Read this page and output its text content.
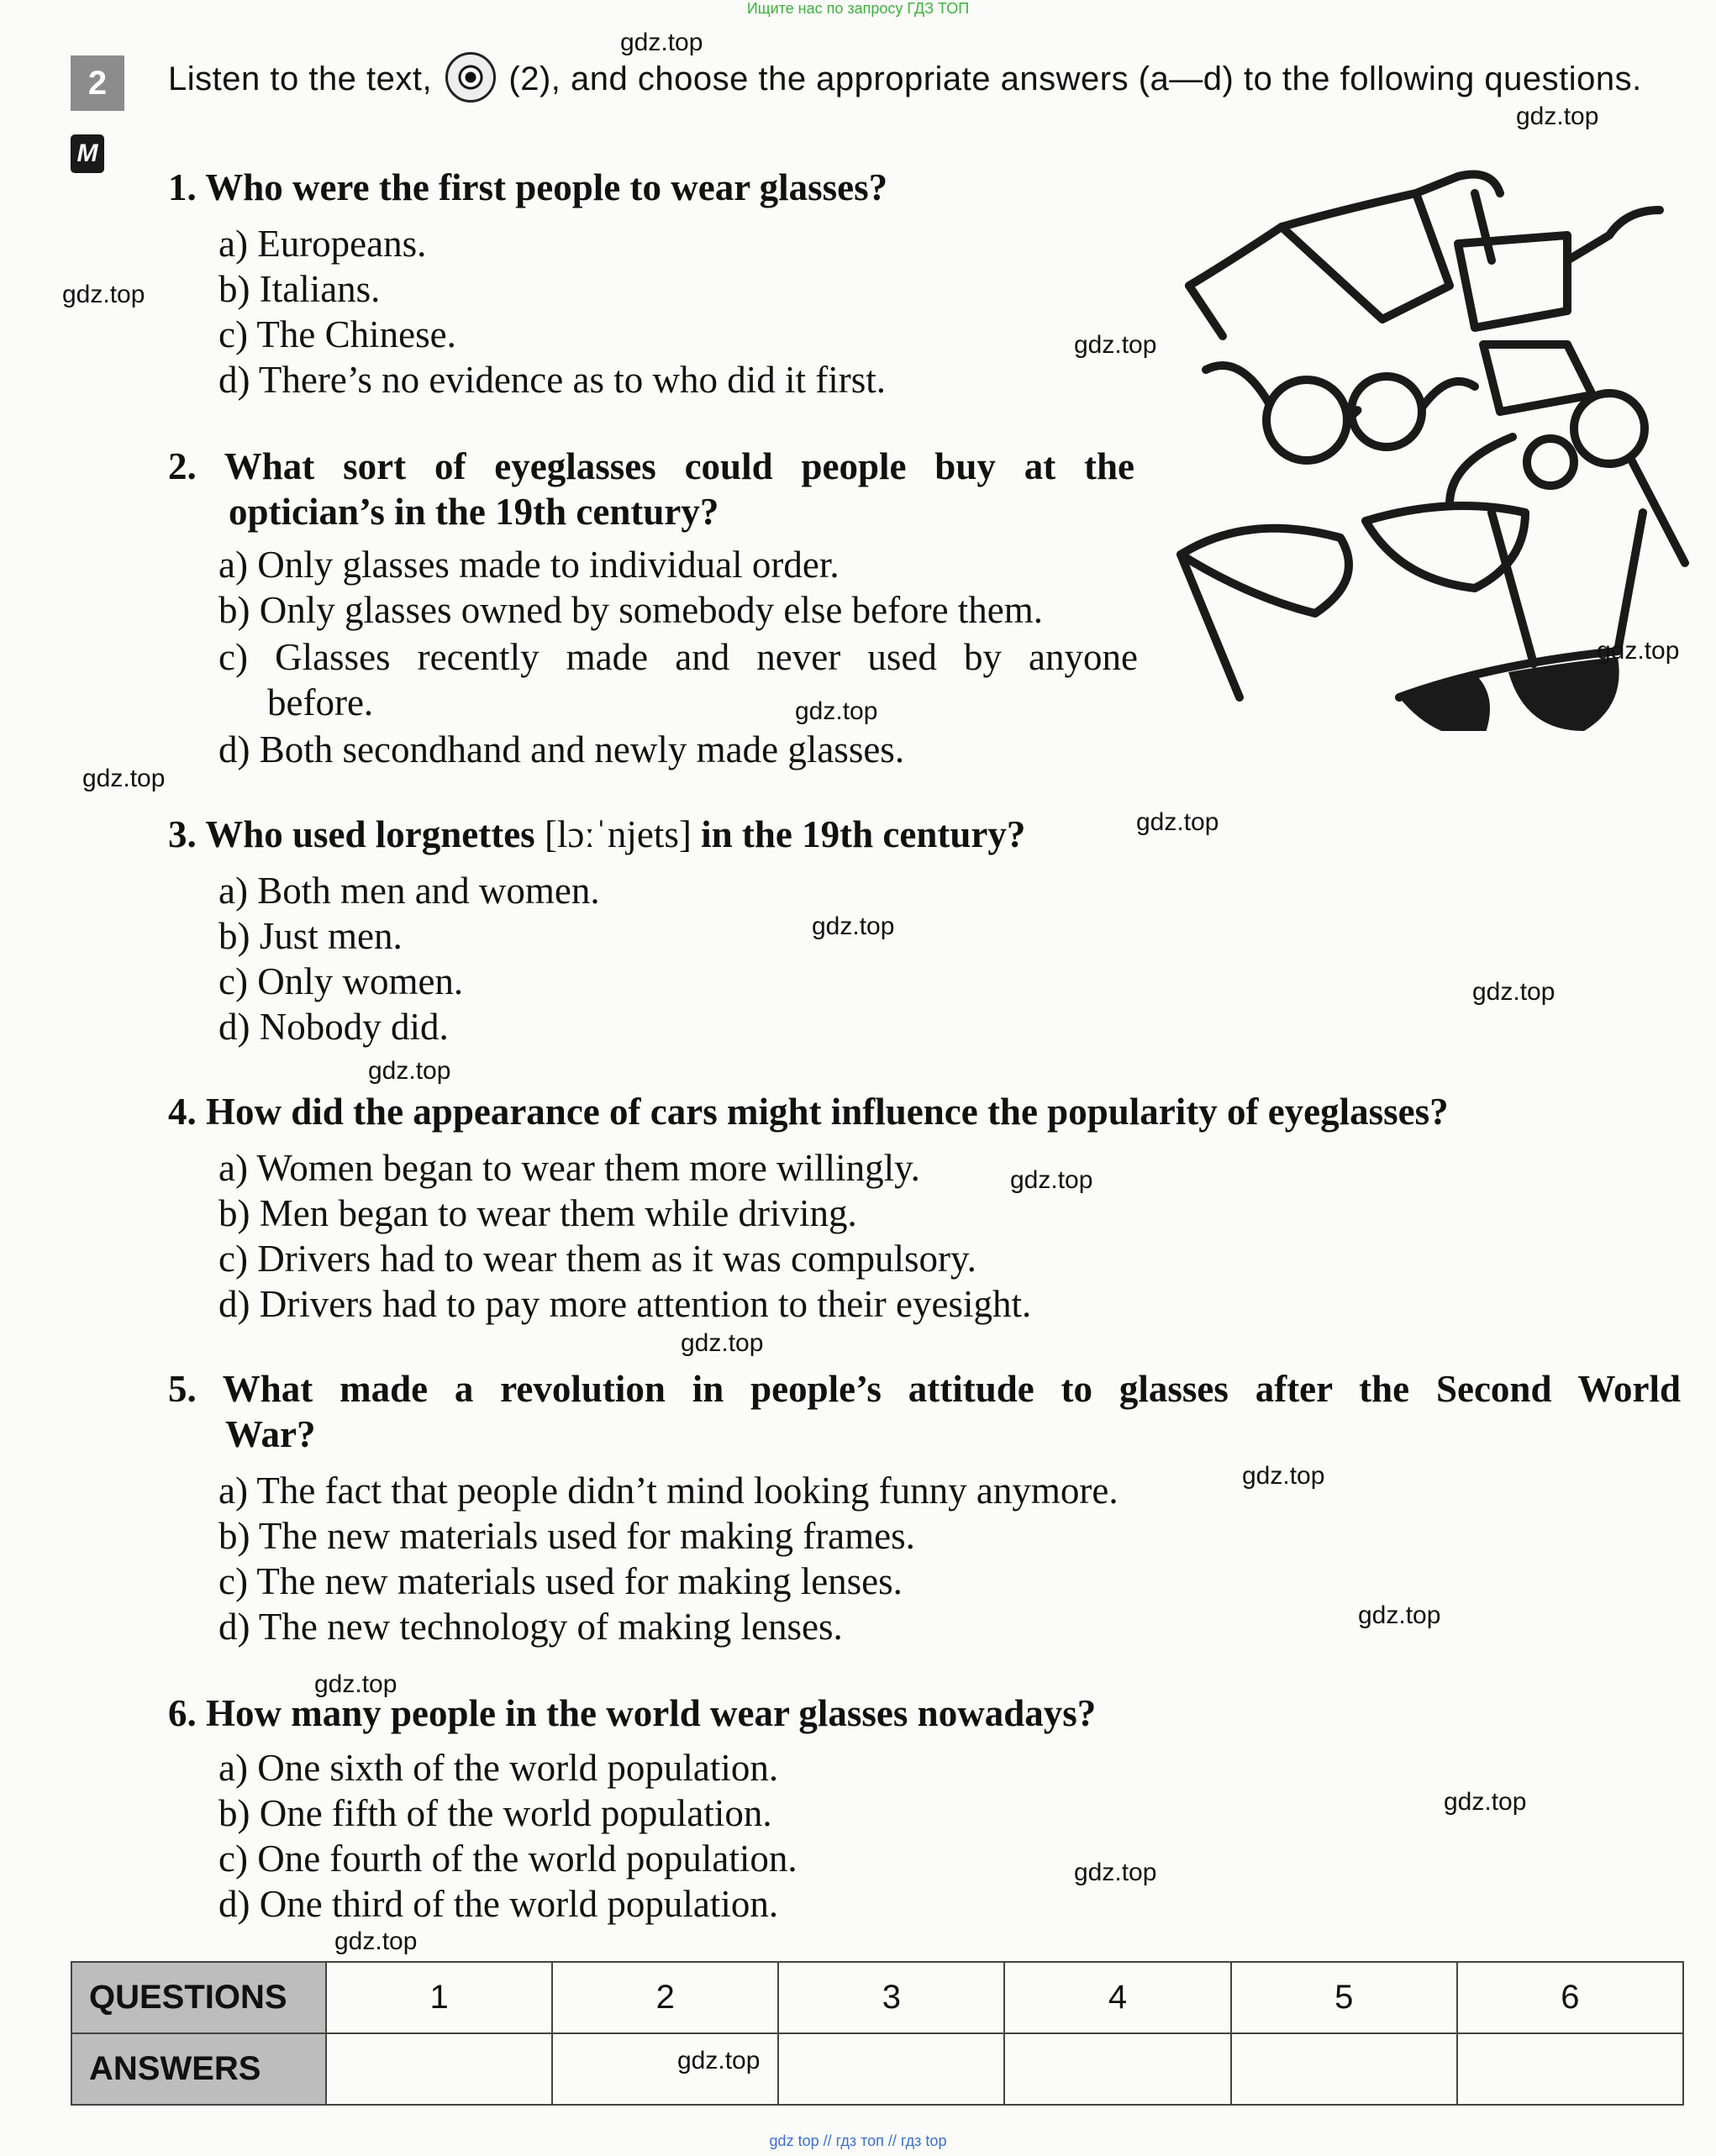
Ищите нас по запросу ГДЗ ТОП
2
M
Listen to the text, (2), and choose the appropriate answers (a—d) to the following questions.
1. Who were the first people to wear glasses?
a) Europeans.
b) Italians.
c) The Chinese.
d) There’s no evidence as to who did it first.
2. What sort of eyeglasses could people buy at the
optician’s in the 19th century?
a) Only glasses made to individual order.
b) Only glasses owned by somebody else before them.
c) Glasses recently made and never used by anyone
before.
d) Both secondhand and newly made glasses.
3. Who used lorgnettes [lɔːˈnjets] in the 19th century?
a) Both men and women.
b) Just men.
c) Only women.
d) Nobody did.
4. How did the appearance of cars might influence the popularity of eyeglasses?
a) Women began to wear them more willingly.
b) Men began to wear them while driving.
c) Drivers had to wear them as it was compulsory.
d) Drivers had to pay more attention to their eyesight.
5. What made a revolution in people’s attitude to glasses after the Second World
War?
a) The fact that people didn’t mind looking funny anymore.
b) The new materials used for making frames.
c) The new materials used for making lenses.
d) The new technology of making lenses.
6. How many people in the world wear glasses nowadays?
a) One sixth of the world population.
b) One fifth of the world population.
c) One fourth of the world population.
d) One third of the world population.
QUESTIONS	1	2	3	4	5	6
ANSWERS						
gdz.top
gdz.top
gdz.top
gdz.top
gdz.top
gdz.top
gdz.top
gdz.top
gdz.top
gdz.top
gdz.top
gdz.top
gdz.top
gdz.top
gdz.top
gdz.top
gdz.top
gdz.top
gdz.top
gdz.top
gdz top // гдз топ // гдз top
